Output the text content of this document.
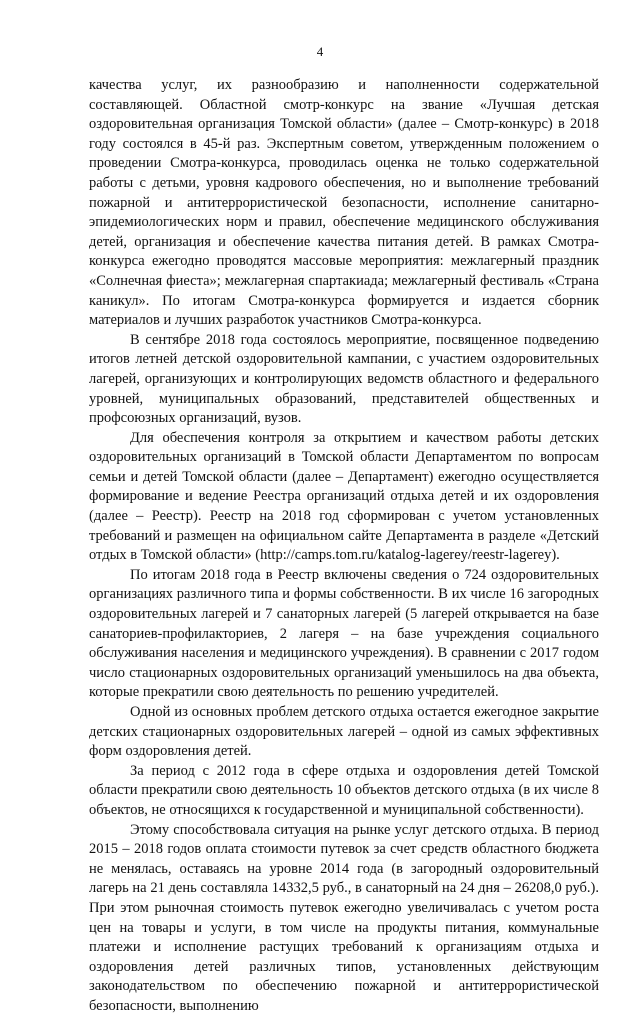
4

качества услуг, их разнообразию и наполненности содержательной составляющей. Областной смотр-конкурс на звание «Лучшая детская оздоровительная организация Томской области» (далее – Смотр-конкурс) в 2018 году состоялся в 45-й раз. Экспертным советом, утвержденным положением о проведении Смотра-конкурса, проводилась оценка не только содержательной работы с детьми, уровня кадрового обеспечения, но и выполнение требований пожарной и антитеррористической безопасности, исполнение санитарно-эпидемиологических норм и правил, обеспечение медицинского обслуживания детей, организация и обеспечение качества питания детей. В рамках Смотра-конкурса ежегодно проводятся массовые мероприятия: межлагерный праздник «Солнечная фиеста»; межлагерная спартакиада; межлагерный фестиваль «Страна каникул». По итогам Смотра-конкурса формируется и издается сборник материалов и лучших разработок участников Смотра-конкурса.

В сентябре 2018 года состоялось мероприятие, посвященное подведению итогов летней детской оздоровительной кампании, с участием оздоровительных лагерей, организующих и контролирующих ведомств областного и федерального уровней, муниципальных образований, представителей общественных и профсоюзных организаций, вузов.

Для обеспечения контроля за открытием и качеством работы детских оздоровительных организаций в Томской области Департаментом по вопросам семьи и детей Томской области (далее – Департамент) ежегодно осуществляется формирование и ведение Реестра организаций отдыха детей и их оздоровления (далее – Реестр). Реестр на 2018 год сформирован с учетом установленных требований и размещен на официальном сайте Департамента в разделе «Детский отдых в Томской области» (http://camps.tom.ru/katalog-lagerey/reestr-lagerey).

По итогам 2018 года в Реестр включены сведения о 724 оздоровительных организациях различного типа и формы собственности. В их числе 16 загородных оздоровительных лагерей и 7 санаторных лагерей (5 лагерей открывается на базе санаториев-профилакториев, 2 лагеря – на базе учреждения социального обслуживания населения и медицинского учреждения). В сравнении с 2017 годом число стационарных оздоровительных организаций уменьшилось на два объекта, которые прекратили свою деятельность по решению учредителей.

Одной из основных проблем детского отдыха остается ежегодное закрытие детских стационарных оздоровительных лагерей – одной из самых эффективных форм оздоровления детей.

За период с 2012 года в сфере отдыха и оздоровления детей Томской области прекратили свою деятельность 10 объектов детского отдыха (в их числе 8 объектов, не относящихся к государственной и муниципальной собственности).

Этому способствовала ситуация на рынке услуг детского отдыха. В период 2015 – 2018 годов оплата стоимости путевок за счет средств областного бюджета не менялась, оставаясь на уровне 2014 года (в загородный оздоровительный лагерь на 21 день составляла 14332,5 руб., в санаторный на 24 дня – 26208,0 руб.). При этом рыночная стоимость путевок ежегодно увеличивалась с учетом роста цен на товары и услуги, в том числе на продукты питания, коммунальные платежи и исполнение растущих требований к организациям отдыха и оздоровления детей различных типов, установленных действующим законодательством по обеспечению пожарной и антитеррористической безопасности, выполнению
